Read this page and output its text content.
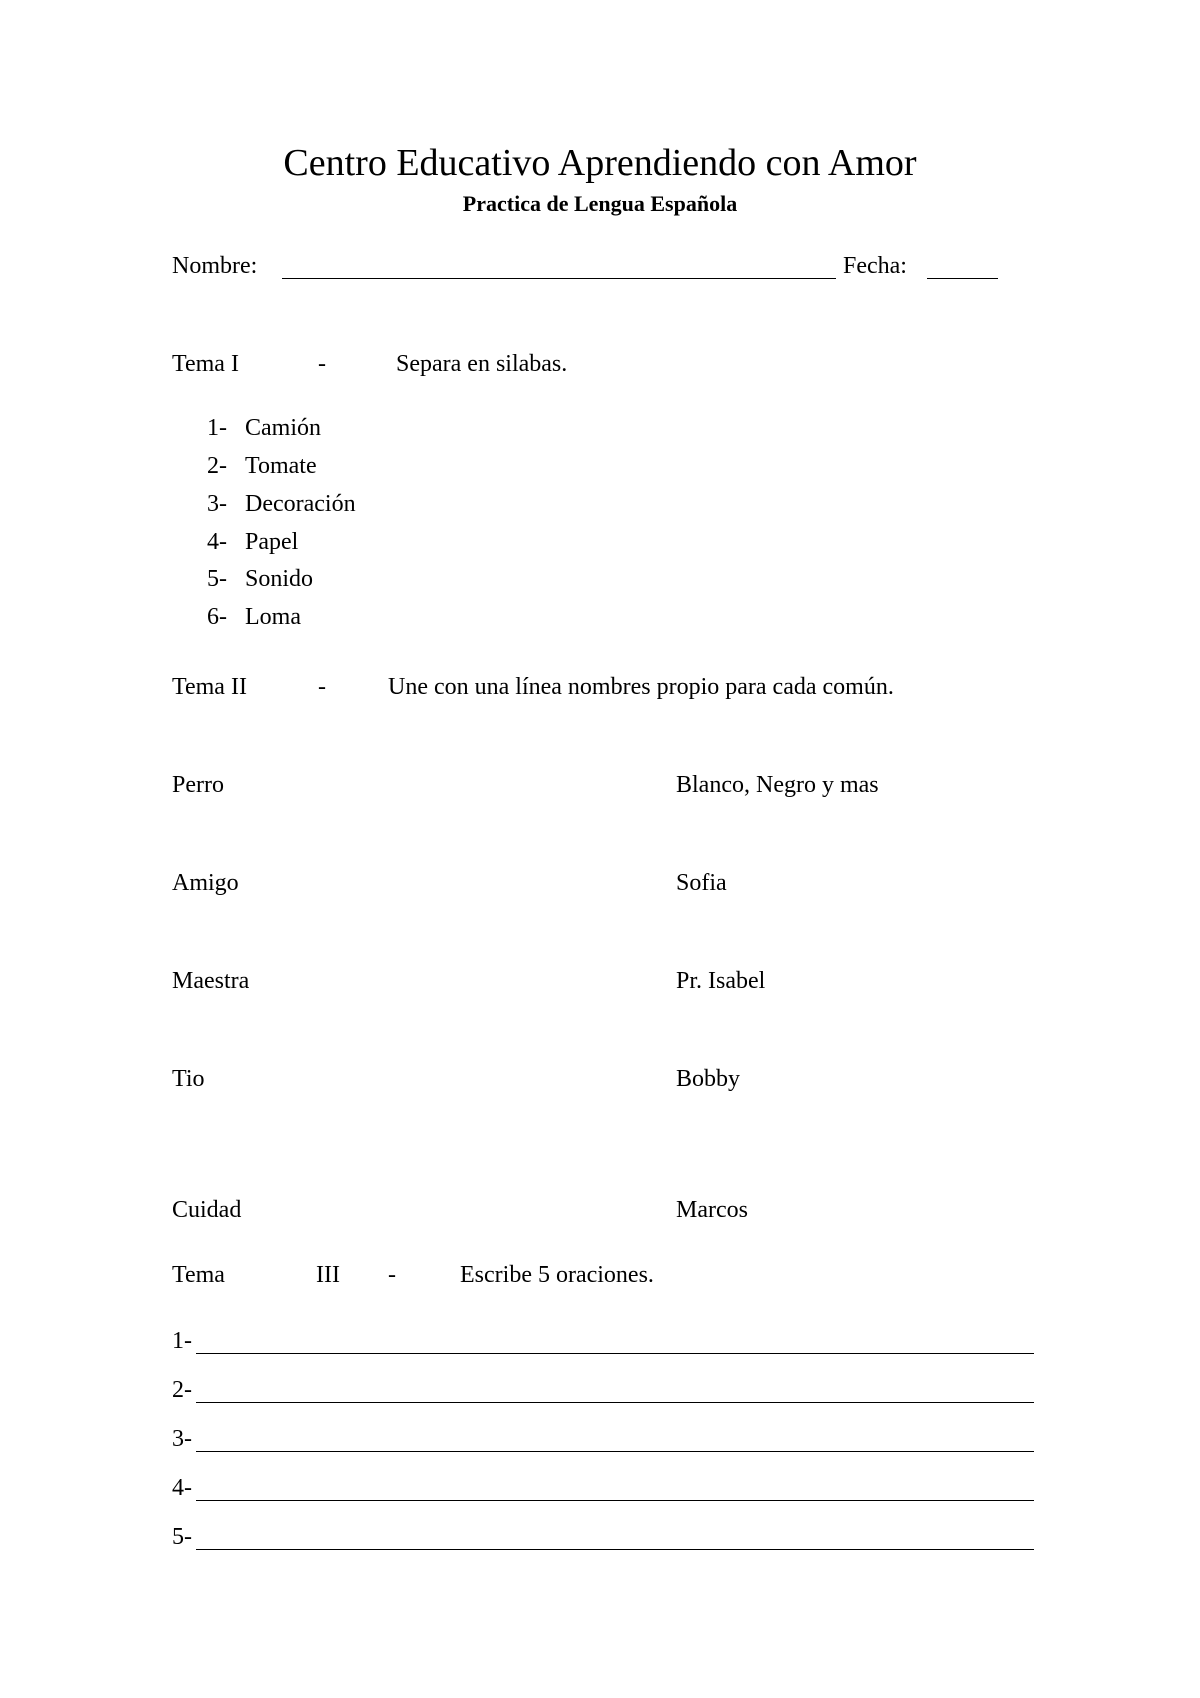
Centro Educativo Aprendiendo con Amor
Practica de Lengua Española
Nombre:	Fecha:
Tema I	-	Separa en silabas.
1- Camión
2- Tomate
3- Decoración
4- Papel
5- Sonido
6- Loma
Tema II	-	Une con una línea nombres propio para cada común.
Perro	Blanco, Negro y mas
Amigo	Sofia
Maestra	Pr. Isabel
Tio	Bobby
Cuidad	Marcos
Tema	III -	Escribe 5 oraciones.
1-
2-
3-
4-
5-
